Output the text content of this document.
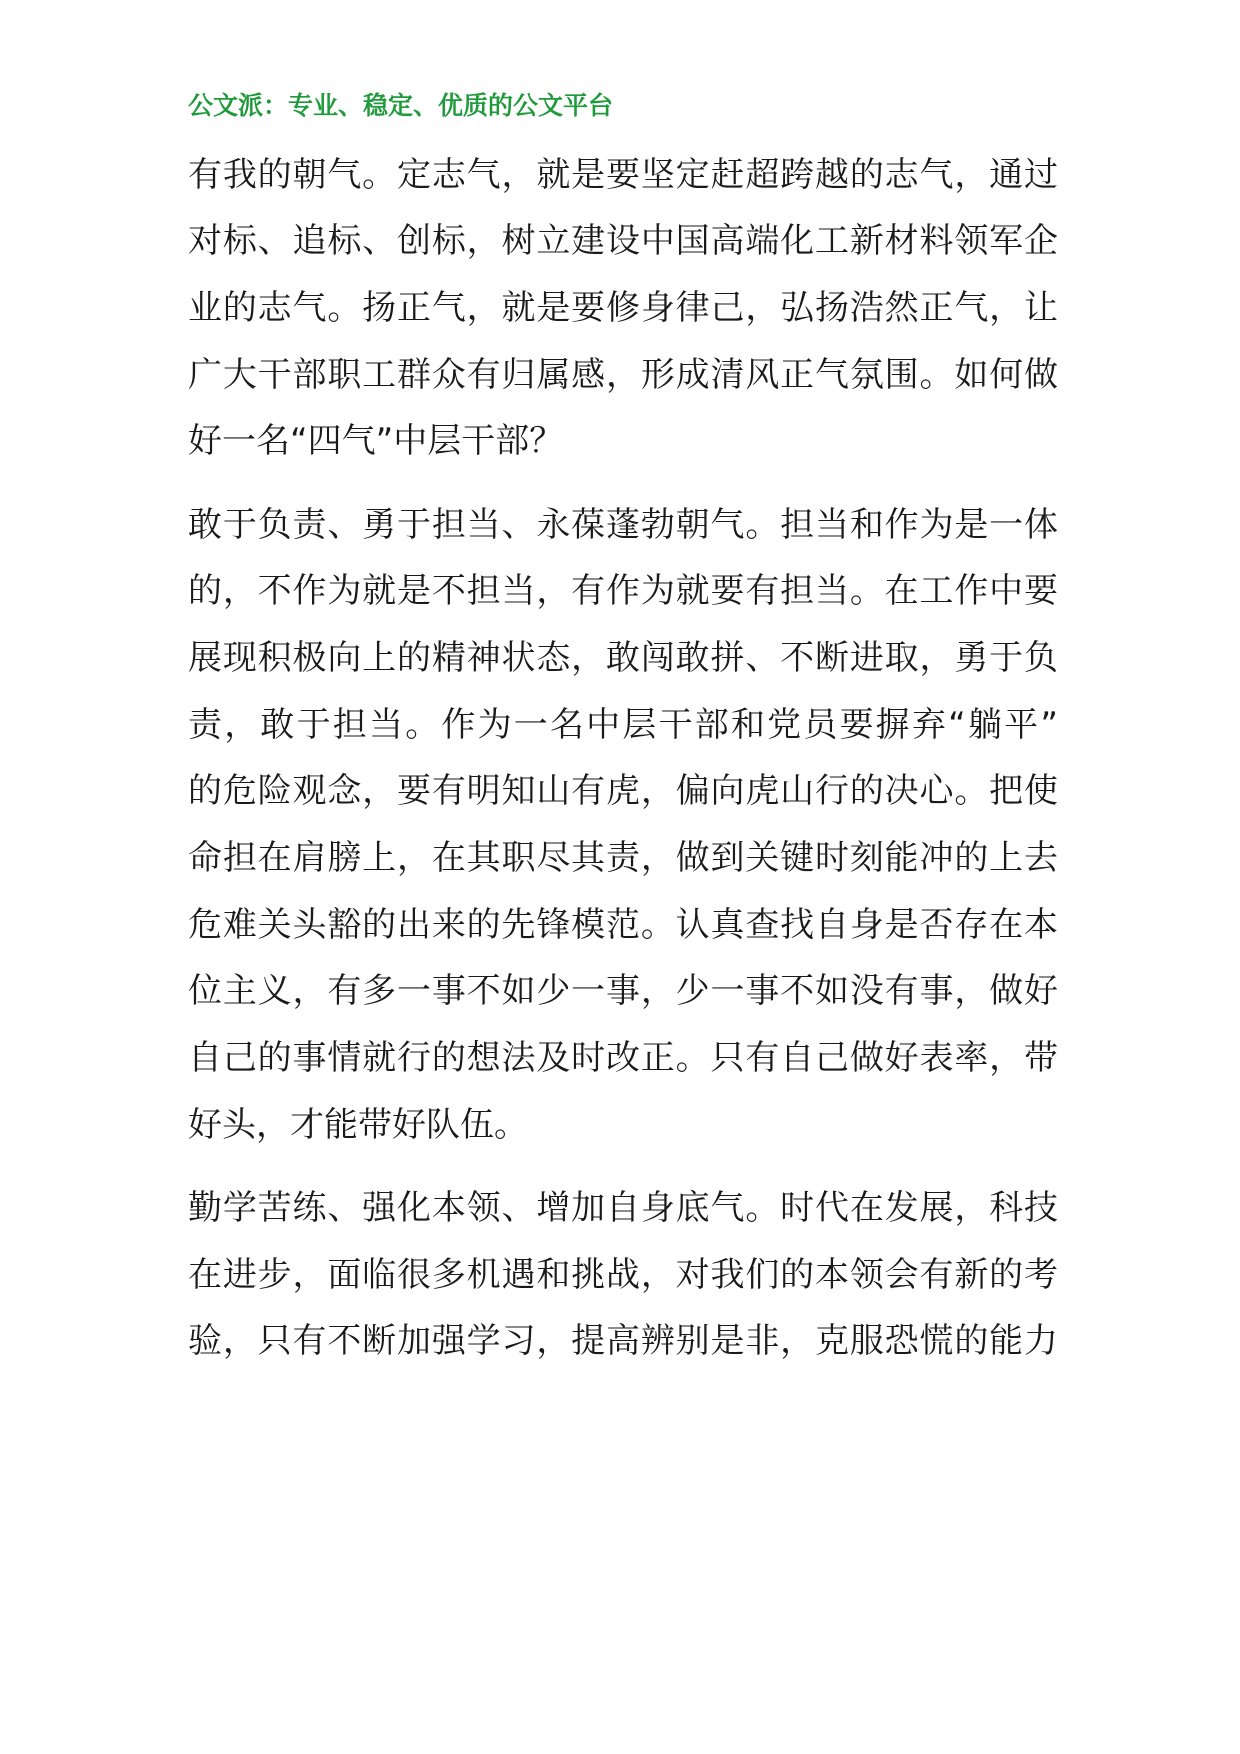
公文派：专业、稳定、优质的公文平台
有我的朝气。定志气，就是要坚定赶超跨越的志气，通过
对标、追标、创标，树立建设中国高端化工新材料领军企
业的志气。扬正气，就是要修身律己，弘扬浩然正气，让
广大干部职工群众有归属感，形成清风正气氛围。如何做
好一名“四气”中层干部？
敢于负责、勇于担当、永葆蓬勃朝气。担当和作为是一体
的，不作为就是不担当，有作为就要有担当。在工作中要
展现积极向上的精神状态，敢闯敢拼、不断进取，勇于负
责，敢于担当。作为一名中层干部和党员要摒弃“躺平”
的危险观念，要有明知山有虎，偏向虎山行的决心。把使
命担在肩膀上，在其职尽其责，做到关键时刻能冲的上去
危难关头豁的出来的先锋模范。认真查找自身是否存在本
位主义，有多一事不如少一事，少一事不如没有事，做好
自己的事情就行的想法及时改正。只有自己做好表率，带
好头，才能带好队伍。
勤学苦练、强化本领、增加自身底气。时代在发展，科技
在进步，面临很多机遇和挑战，对我们的本领会有新的考
验，只有不断加强学习，提高辨别是非，克服恐慌的能力
